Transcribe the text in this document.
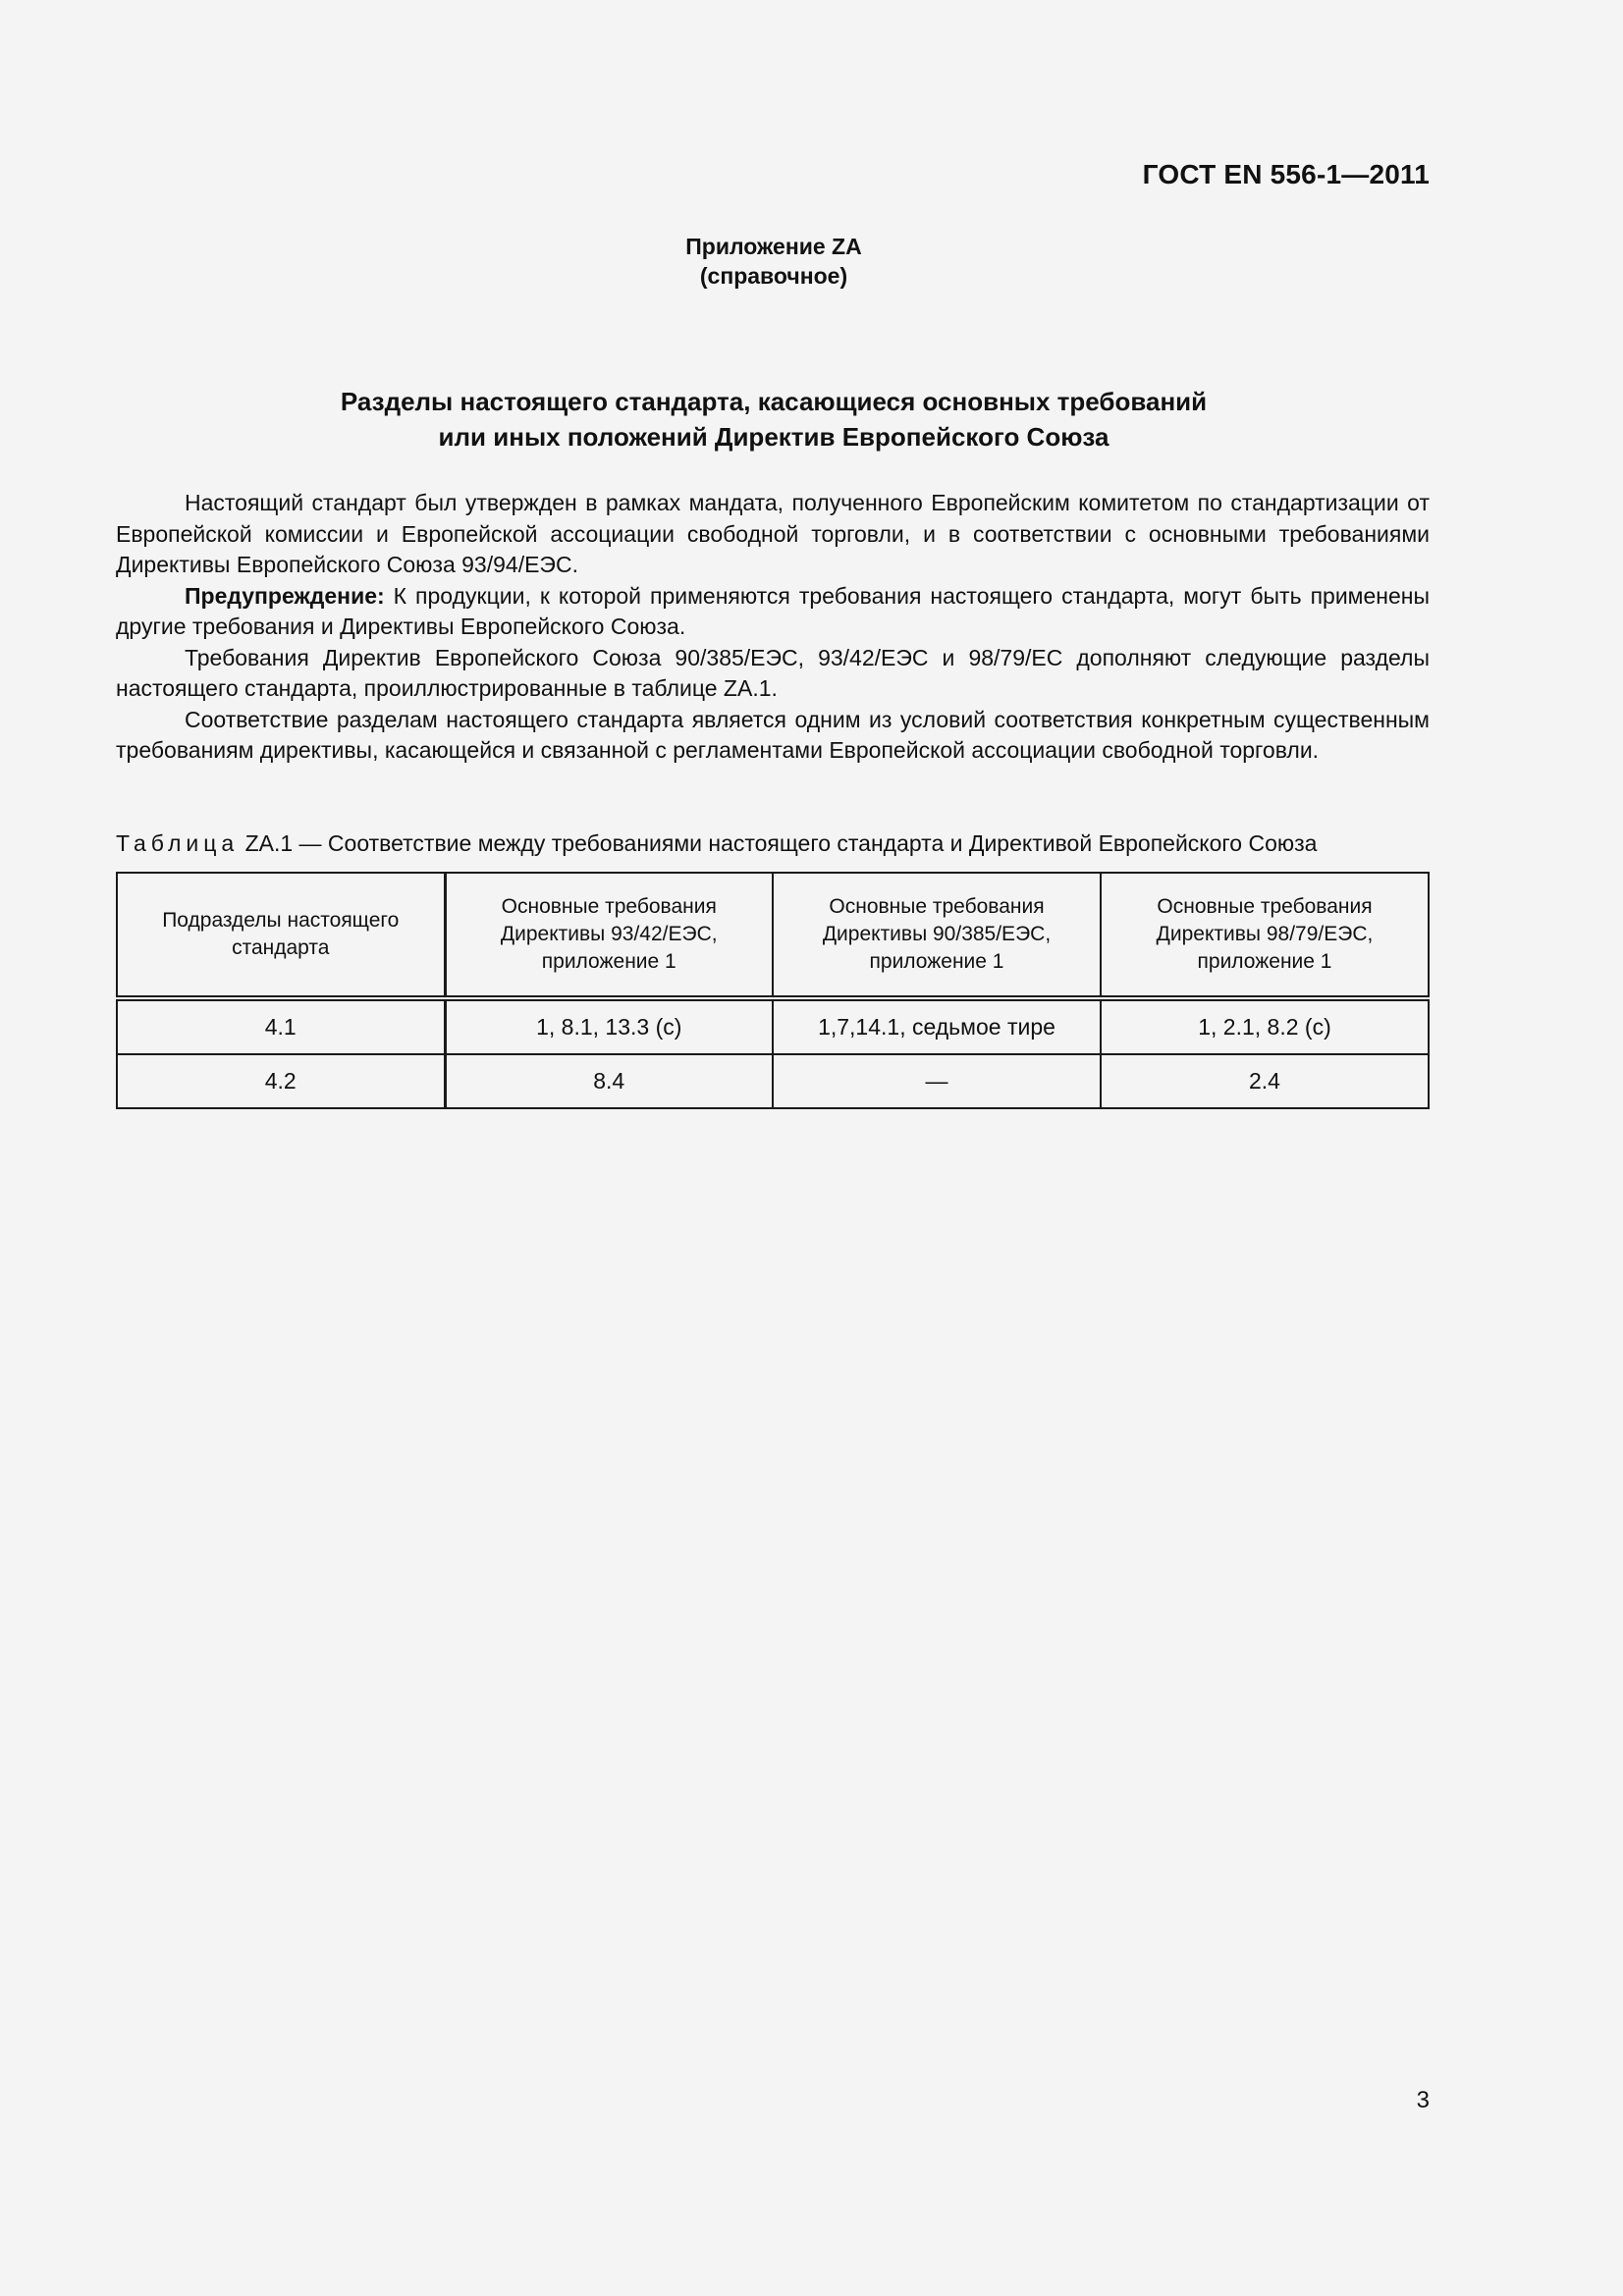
ГОСТ EN 556-1—2011
Приложение ZA
(справочное)
Разделы настоящего стандарта, касающиеся основных требований
или иных положений Директив Европейского Союза

Настоящий стандарт был утвержден в рамках мандата, полученного Европейским комитетом по стандартизации от Европейской комиссии и Европейской ассоциации свободной торговли, и в соответствии с основными требованиями Директивы Европейского Союза 93/94/ЕЭС.

Предупреждение: К продукции, к которой применяются требования настоящего стандарта, могут быть применены другие требования и Директивы Европейского Союза.

Требования Директив Европейского Союза 90/385/ЕЭС, 93/42/ЕЭС и 98/79/ЕС дополняют следующие разделы настоящего стандарта, проиллюстрированные в таблице ZA.1.

Соответствие разделам настоящего стандарта является одним из условий соответствия конкретным существенным требованиям директивы, касающейся и связанной с регламентами Европейской ассоциации свободной торговли.

Таблица ZA.1 — Соответствие между требованиями настоящего стандарта и Директивой Европейского Союза
Подразделы настоящего стандарта	Основные требования Директивы 93/42/ЕЭС, приложение 1	Основные требования Директивы 90/385/ЕЭС, приложение 1	Основные требования Директивы 98/79/ЕЭС, приложение 1
4.1	1, 8.1, 13.3 (c)	1,7,14.1, седьмое тире	1, 2.1, 8.2 (c)
4.2	8.4	—	2.4
3
